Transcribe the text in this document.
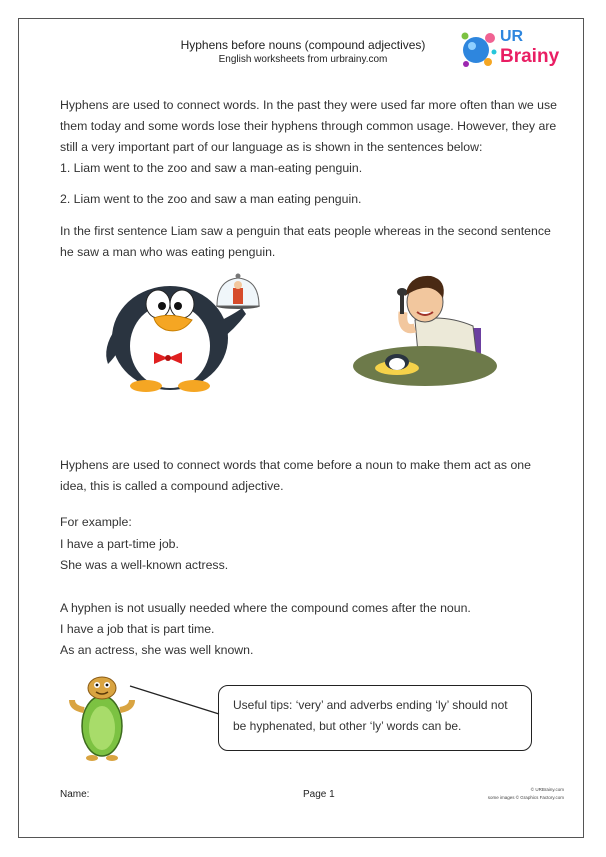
Hyphens before nouns (compound adjectives)
English worksheets from urbrainy.com
UR
Brainy

Hyphens are used to connect words. In the past they were used far more often than we use them today and some words lose their hyphens through common usage. However, they are still a very important part of our language as is shown in the sentences below:

1. Liam went to the zoo and saw a man-eating penguin.

2. Liam went to the zoo and saw a man eating penguin.

In the first sentence Liam saw a penguin that eats people whereas in the second sentence he saw a man who was eating penguin.

Hyphens are used to connect words that come before a noun to make them act as one idea, this is called a compound adjective.

For example:

I have a part-time job.

She was a well-known actress.

A hyphen is not usually needed where the compound comes after the noun.

I have a job that is part time.

As an actress, she was well known.

Useful tips: ‘very’ and adverbs ending ‘ly’ should not be hyphenated, but other ‘ly’ words can be.
Name:	Page 1	© URBrainy.com
some images © Graphics Factory.com
